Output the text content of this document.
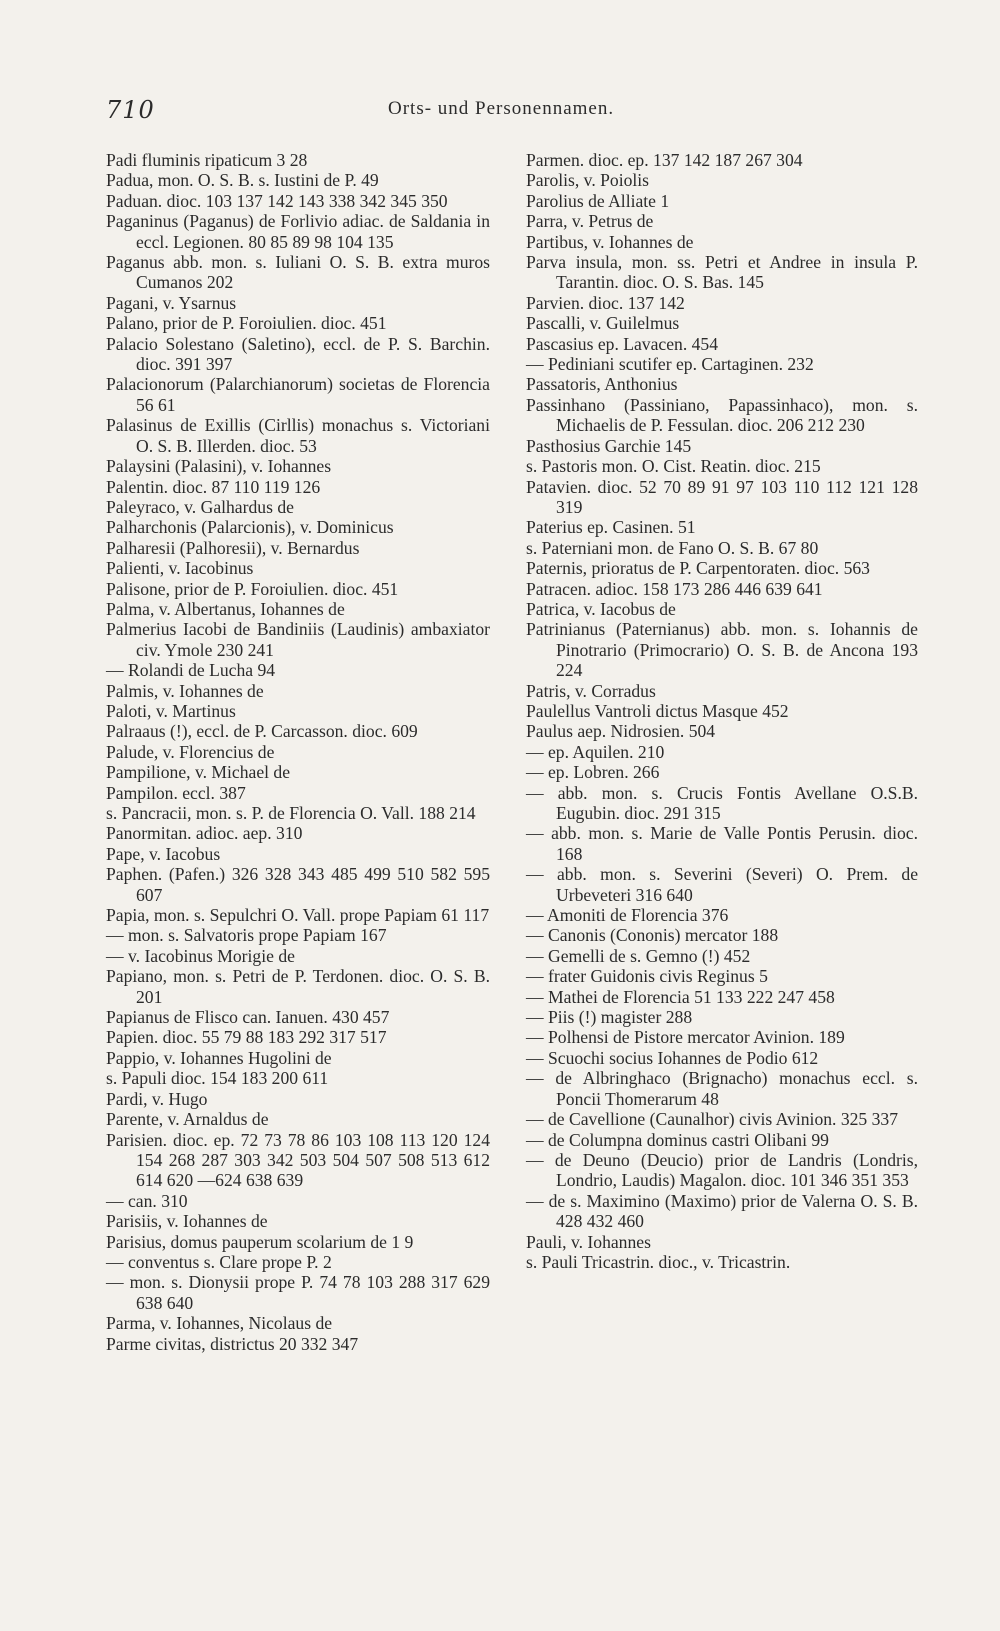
710	Orts- und Personennamen.

Padi fluminis ripaticum 3 28

Padua, mon. O. S. B. s. Iustini de P. 49

Paduan. dioc. 103 137 142 143 338 342 345 350

Paganinus (Paganus) de Forlivio adiac. de Saldania in eccl. Legionen. 80 85 89 98 104 135

Paganus abb. mon. s. Iuliani O. S. B. extra muros Cumanos 202

Pagani, v. Ysarnus

Palano, prior de P. Foroiulien. dioc. 451

Palacio Solestano (Saletino), eccl. de P. S. Barchin. dioc. 391 397

Palacionorum (Palarchianorum) societas de Florencia 56 61

Palasinus de Exillis (Cirllis) monachus s. Victoriani O. S. B. Illerden. dioc. 53

Palaysini (Palasini), v. Iohannes

Palentin. dioc. 87 110 119 126

Paleyraco, v. Galhardus de

Palharchonis (Palarcionis), v. Dominicus

Palharesii (Palhoresii), v. Bernardus

Palienti, v. Iacobinus

Palisone, prior de P. Foroiulien. dioc. 451

Palma, v. Albertanus, Iohannes de

Palmerius Iacobi de Bandiniis (Laudinis) ambaxiator civ. Ymole 230 241

— Rolandi de Lucha 94

Palmis, v. Iohannes de

Paloti, v. Martinus

Palraaus (!), eccl. de P. Carcasson. dioc. 609

Palude, v. Florencius de

Pampilione, v. Michael de

Pampilon. eccl. 387

s. Pancracii, mon. s. P. de Florencia O. Vall. 188 214

Panormitan. adioc. aep. 310

Pape, v. Iacobus

Paphen. (Pafen.) 326 328 343 485 499 510 582 595 607

Papia, mon. s. Sepulchri O. Vall. prope Papiam 61 117

— mon. s. Salvatoris prope Papiam 167

— v. Iacobinus Morigie de

Papiano, mon. s. Petri de P. Terdonen. dioc. O. S. B. 201

Papianus de Flisco can. Ianuen. 430 457

Papien. dioc. 55 79 88 183 292 317 517

Pappio, v. Iohannes Hugolini de

s. Papuli dioc. 154 183 200 611

Pardi, v. Hugo

Parente, v. Arnaldus de

Parisien. dioc. ep. 72 73 78 86 103 108 113 120 124 154 268 287 303 342 503 504 507 508 513 612 614 620 —624 638 639

— can. 310

Parisiis, v. Iohannes de

Parisius, domus pauperum scolarium de 1 9

— conventus s. Clare prope P. 2

— mon. s. Dionysii prope P. 74 78 103 288 317 629 638 640

Parma, v. Iohannes, Nicolaus de

Parme civitas, districtus 20 332 347

Parmen. dioc. ep. 137 142 187 267 304

Parolis, v. Poiolis

Parolius de Alliate 1

Parra, v. Petrus de

Partibus, v. Iohannes de

Parva insula, mon. ss. Petri et Andree in insula P. Tarantin. dioc. O. S. Bas. 145

Parvien. dioc. 137 142

Pascalli, v. Guilelmus

Pascasius ep. Lavacen. 454

— Pediniani scutifer ep. Cartaginen. 232

Passatoris, Anthonius

Passinhano (Passiniano, Papassinhaco), mon. s. Michaelis de P. Fessulan. dioc. 206 212 230

Pasthosius Garchie 145

s. Pastoris mon. O. Cist. Reatin. dioc. 215

Patavien. dioc. 52 70 89 91 97 103 110 112 121 128 319

Paterius ep. Casinen. 51

s. Paterniani mon. de Fano O. S. B. 67 80

Paternis, prioratus de P. Carpentoraten. dioc. 563

Patracen. adioc. 158 173 286 446 639 641

Patrica, v. Iacobus de

Patrinianus (Paternianus) abb. mon. s. Iohannis de Pinotrario (Primocrario) O. S. B. de Ancona 193 224

Patris, v. Corradus

Paulellus Vantroli dictus Masque 452

Paulus aep. Nidrosien. 504

— ep. Aquilen. 210

— ep. Lobren. 266

— abb. mon. s. Crucis Fontis Avellane O.S.B. Eugubin. dioc. 291 315

— abb. mon. s. Marie de Valle Pontis Perusin. dioc. 168

— abb. mon. s. Severini (Severi) O. Prem. de Urbeveteri 316 640

— Amoniti de Florencia 376

— Canonis (Cononis) mercator 188

— Gemelli de s. Gemno (!) 452

— frater Guidonis civis Reginus 5

— Mathei de Florencia 51 133 222 247 458

— Piis (!) magister 288

— Polhensi de Pistore mercator Avinion. 189

— Scuochi socius Iohannes de Podio 612

— de Albringhaco (Brignacho) monachus eccl. s. Poncii Thomerarum 48

— de Cavellione (Caunalhor) civis Avinion. 325 337

— de Columpna dominus castri Olibani 99

— de Deuno (Deucio) prior de Landris (Londris, Londrio, Laudis) Magalon. dioc. 101 346 351 353

— de s. Maximino (Maximo) prior de Valerna O. S. B. 428 432 460

Pauli, v. Iohannes

s. Pauli Tricastrin. dioc., v. Tricastrin.
